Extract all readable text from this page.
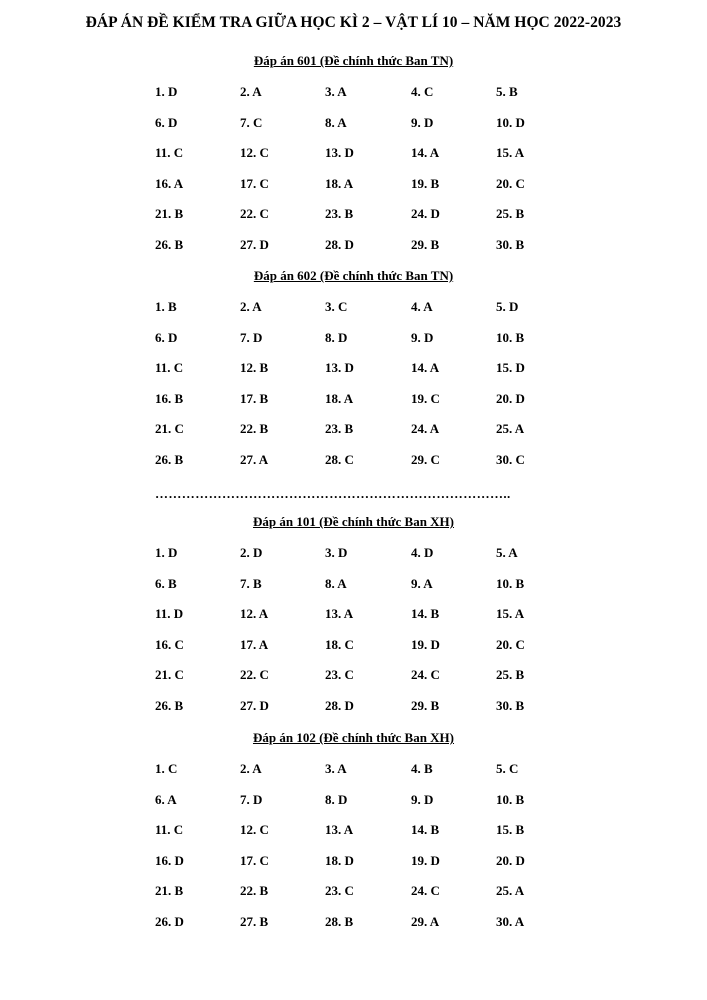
ĐÁP ÁN ĐỀ KIỂM TRA GIỮA HỌC KÌ 2 – VẬT LÍ 10 – NĂM HỌC 2022-2023
Đáp án 601 (Đề chính thức Ban TN)
1. D	2. A	3. A	4. C	5. B
6. D	7. C	8. A	9. D	10. D
11. C	12. C	13. D	14. A	15. A
16. A	17. C	18. A	19. B	20. C
21. B	22. C	23. B	24. D	25. B
26. B	27. D	28. D	29. B	30. B
Đáp án 602 (Đề chính thức Ban TN)
1. B	2. A	3. C	4. A	5. D
6. D	7. D	8. D	9. D	10. B
11. C	12. B	13. D	14. A	15. D
16. B	17. B	18. A	19. C	20. D
21. C	22. B	23. B	24. A	25. A
26. B	27. A	28. C	29. C	30. C
Đáp án 101 (Đề chính thức Ban XH)
1. D	2. D	3. D	4. D	5. A
6. B	7. B	8. A	9. A	10. B
11. D	12. A	13. A	14. B	15. A
16. C	17. A	18. C	19. D	20. C
21. C	22. C	23. C	24. C	25. B
26. B	27. D	28. D	29. B	30. B
Đáp án 102 (Đề chính thức Ban XH)
1. C	2. A	3. A	4. B	5. C
6. A	7. D	8. D	9. D	10. B
11. C	12. C	13. A	14. B	15. B
16. D	17. C	18. D	19. D	20. D
21. B	22. B	23. C	24. C	25. A
26. D	27. B	28. B	29. A	30. A
……………………………………………………………………..
